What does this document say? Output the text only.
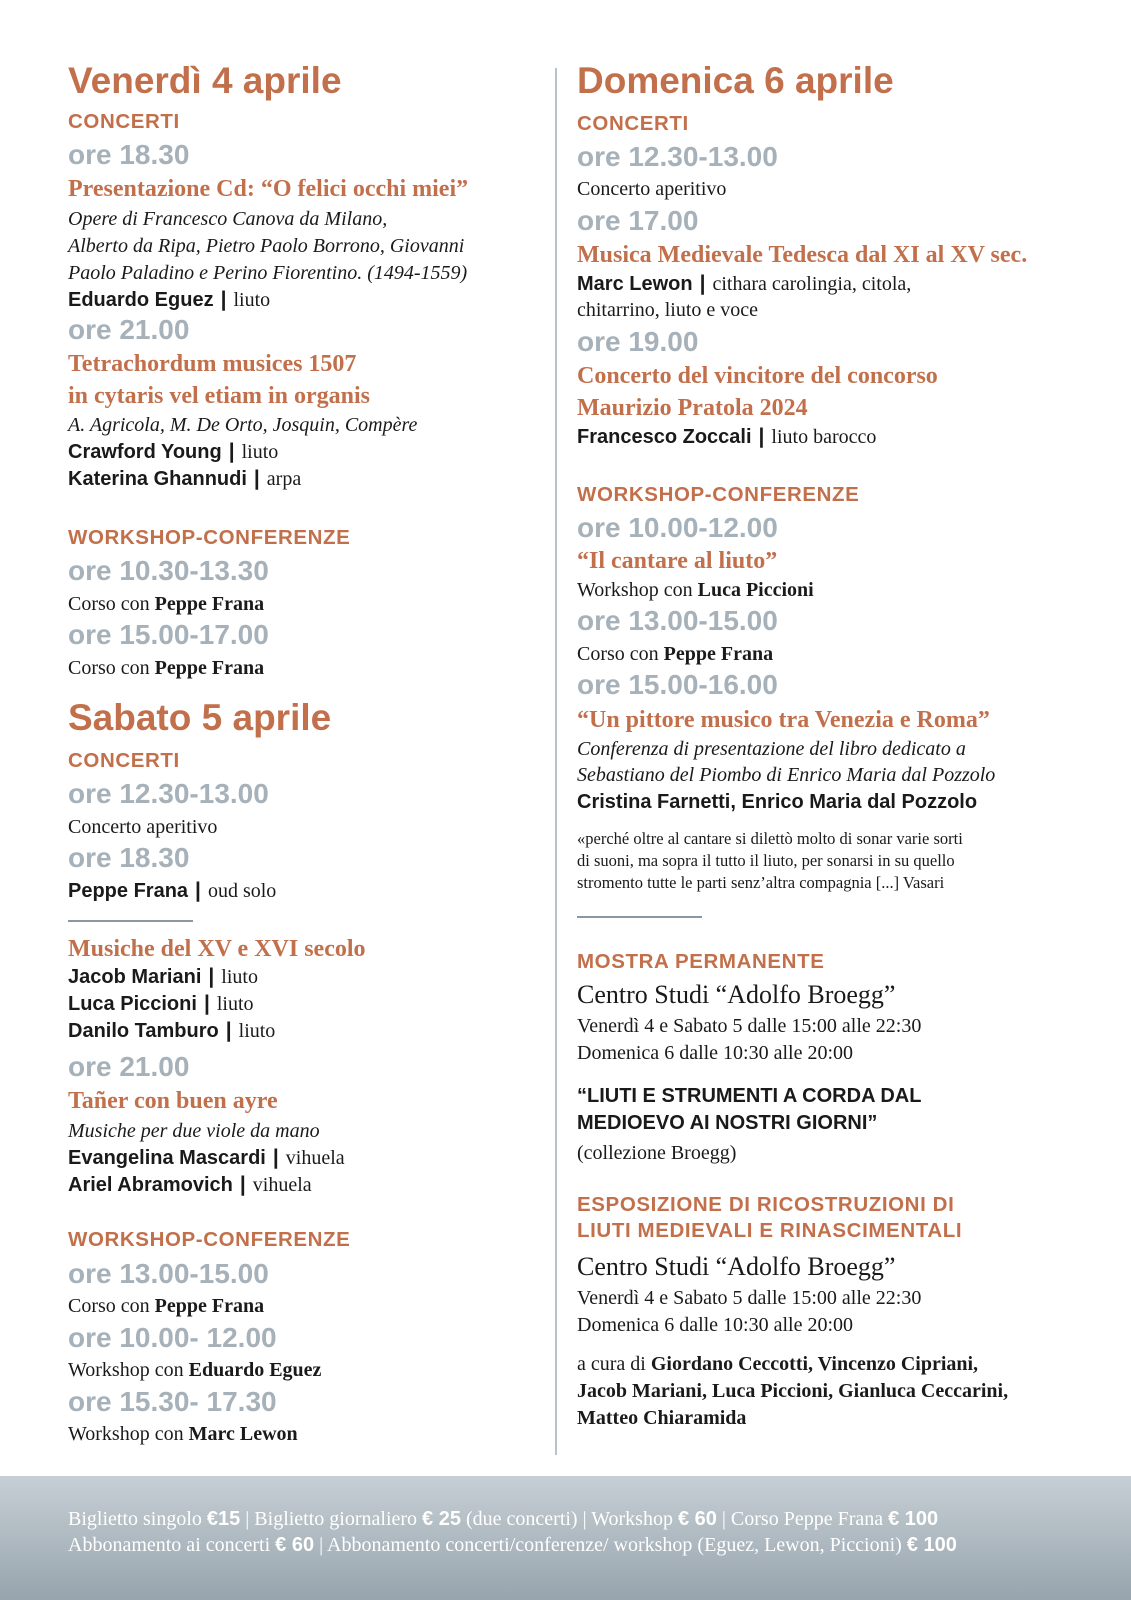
Venerdì 4 aprile
CONCERTI
ore 18.30
Presentazione Cd: “O felici occhi miei”
Opere di Francesco Canova da Milano,
Alberto da Ripa, Pietro Paolo Borrono, Giovanni
Paolo Paladino e Perino Fiorentino. (1494-1559)
Eduardo Eguez | liuto
ore 21.00
Tetrachordum musices 1507
in cytaris vel etiam in organis
A. Agricola, M. De Orto, Josquin, Compère
Crawford Young | liuto
Katerina Ghannudi | arpa
WORKSHOP-CONFERENZE
ore 10.30-13.30
Corso con Peppe Frana
ore 15.00-17.00
Corso con Peppe Frana
Sabato 5 aprile
CONCERTI
ore 12.30-13.00
Concerto aperitivo
ore 18.30
Peppe Frana | oud solo
Musiche del XV e XVI secolo
Jacob Mariani | liuto
Luca Piccioni | liuto
Danilo Tamburo | liuto
ore 21.00
Tañer con buen ayre
Musiche per due viole da mano
Evangelina Mascardi | vihuela
Ariel Abramovich | vihuela
WORKSHOP-CONFERENZE
ore 13.00-15.00
Corso con Peppe Frana
ore 10.00- 12.00
Workshop con Eduardo Eguez
ore 15.30- 17.30
Workshop con Marc Lewon
Domenica 6 aprile
CONCERTI
ore 12.30-13.00
Concerto aperitivo
ore 17.00
Musica Medievale Tedesca dal XI al XV sec.
Marc Lewon | cithara carolingia, citola,
chitarrino, liuto e voce
ore 19.00
Concerto del vincitore del concorso
Maurizio Pratola 2024
Francesco Zoccali | liuto barocco
WORKSHOP-CONFERENZE
ore 10.00-12.00
“Il cantare al liuto”
Workshop con Luca Piccioni
ore 13.00-15.00
Corso con Peppe Frana
ore 15.00-16.00
“Un pittore musico tra Venezia e Roma”
Conferenza di presentazione del libro dedicato a
Sebastiano del Piombo di Enrico Maria dal Pozzolo
Cristina Farnetti, Enrico Maria dal Pozzolo
«perché oltre al cantare si dilettò molto di sonar varie sorti
di suoni, ma sopra il tutto il liuto, per sonarsi in su quello
stromento tutte le parti senz’altra compagnia [...] Vasari
MOSTRA PERMANENTE
Centro Studi “Adolfo Broegg”
Venerdì 4 e Sabato 5 dalle 15:00 alle 22:30
Domenica 6 dalle 10:30 alle 20:00
“LIUTI E STRUMENTI A CORDA DAL
MEDIOEVO AI NOSTRI GIORNI”
(collezione Broegg)
ESPOSIZIONE DI RICOSTRUZIONI DI
LIUTI MEDIEVALI E RINASCIMENTALI
Centro Studi “Adolfo Broegg”
Venerdì 4 e Sabato 5 dalle 15:00 alle 22:30
Domenica 6 dalle 10:30 alle 20:00
a cura di Giordano Ceccotti, Vincenzo Cipriani,
Jacob Mariani, Luca Piccioni, Gianluca Ceccarini,
Matteo Chiaramida
Biglietto singolo €15 | Biglietto giornaliero € 25 (due concerti) | Workshop € 60 | Corso Peppe Frana € 100
Abbonamento ai concerti € 60 | Abbonamento concerti/conferenze/ workshop (Eguez, Lewon, Piccioni) € 100
